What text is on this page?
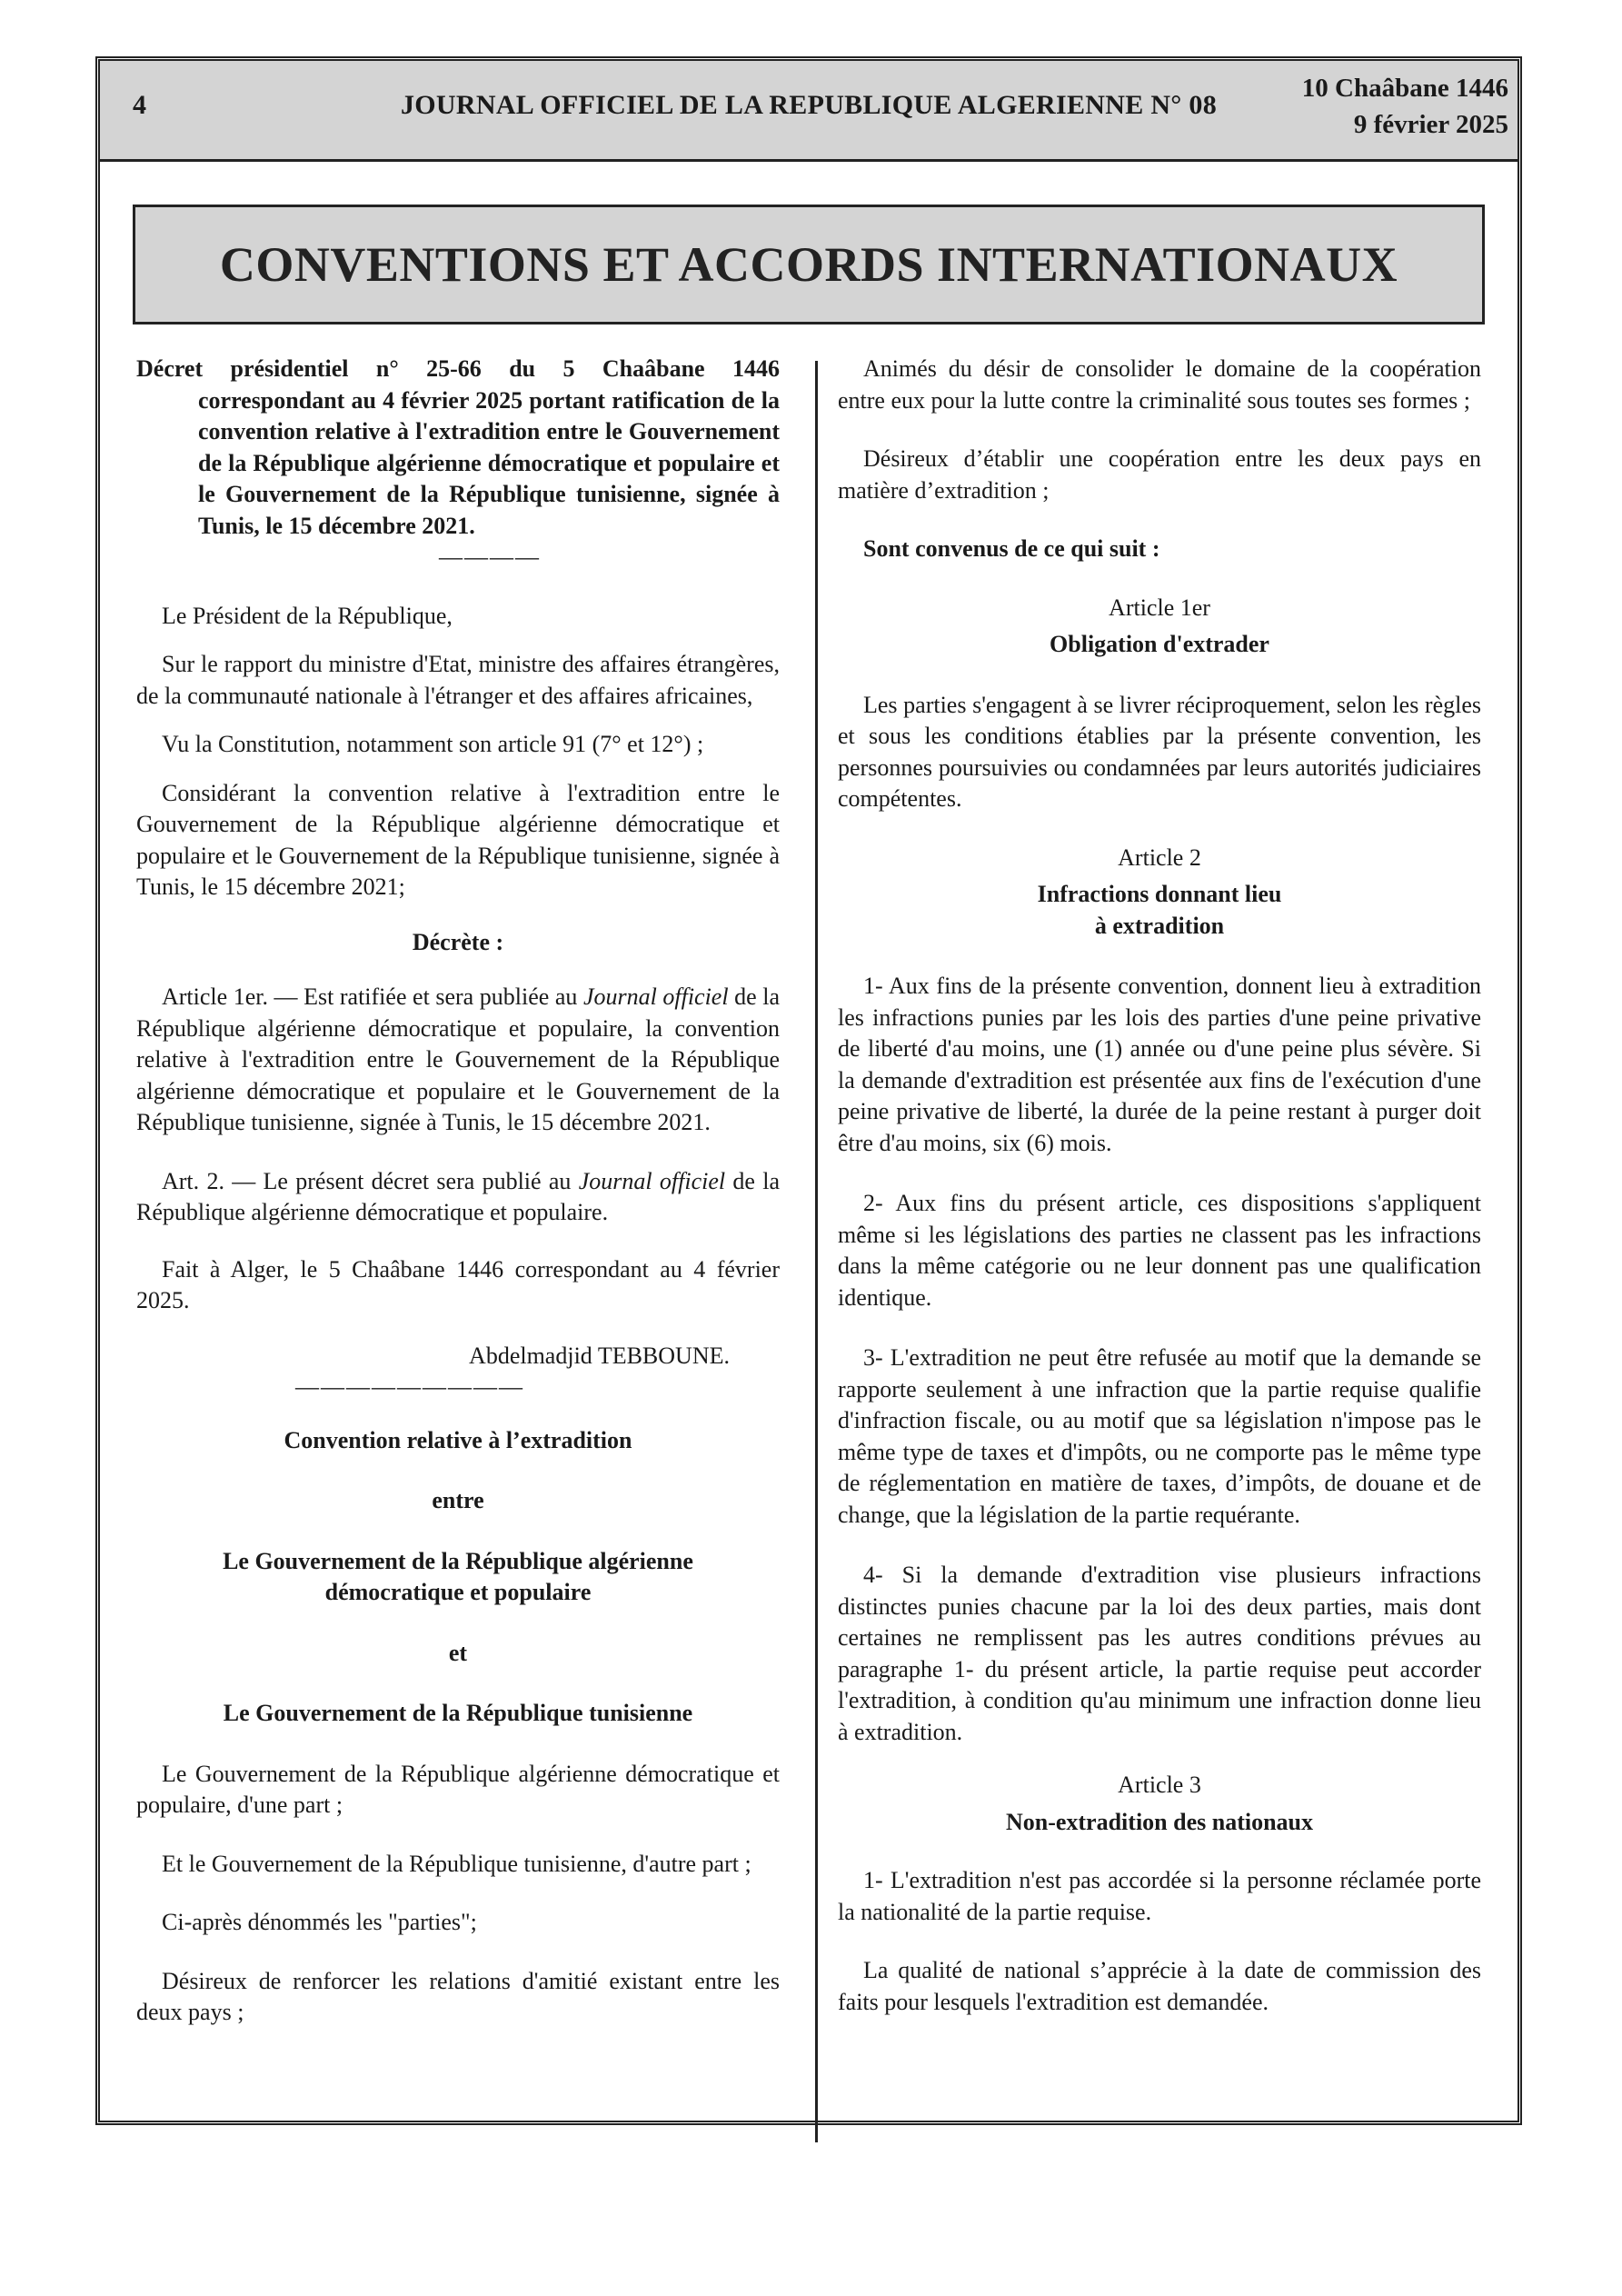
4	JOURNAL OFFICIEL DE LA REPUBLIQUE ALGERIENNE N° 08
10 Chaâbane 1446
9 février 2025
CONVENTIONS ET ACCORDS INTERNATIONAUX

Décret présidentiel n° 25-66 du 5 Chaâbane 1446 correspondant au 4 février 2025 portant ratification de la convention relative à l'extradition entre le Gouvernement de la République algérienne démocratique et populaire et le Gouvernement de la République tunisienne, signée à Tunis, le 15 décembre 2021.

————

Le Président de la République,

Sur le rapport du ministre d'Etat, ministre des affaires étrangères, de la communauté nationale à l'étranger et des affaires africaines,

Vu la Constitution, notamment son article 91 (7° et 12°) ;

Considérant la convention relative à l'extradition entre le Gouvernement de la République algérienne démocratique et populaire et le Gouvernement de la République tunisienne, signée à Tunis, le 15 décembre 2021;

Décrète :

Article 1er. — Est ratifiée et sera publiée au Journal officiel de la République algérienne démocratique et populaire, la convention relative à l'extradition entre le Gouvernement de la République algérienne démocratique et populaire et le Gouvernement de la République tunisienne, signée à Tunis, le 15 décembre 2021.

Art. 2. — Le présent décret sera publié au Journal officiel de la République algérienne démocratique et populaire.

Fait à Alger, le 5 Chaâbane 1446 correspondant au 4 février 2025.

Abdelmadjid TEBBOUNE.

—————————

Convention relative à l’extradition

entre

Le Gouvernement de la République algérienne démocratique et populaire

et

Le Gouvernement de la République tunisienne

Le Gouvernement de la République algérienne démocratique et populaire, d'une part ;

Et le Gouvernement de la République tunisienne, d'autre part ;

Ci-après dénommés les "parties";

Désireux de renforcer les relations d'amitié existant entre les deux pays ;

Animés du désir de consolider le domaine de la coopération entre eux pour la lutte contre la criminalité sous toutes ses formes ;

Désireux d’établir une coopération entre les deux pays en matière d’extradition ;

Sont convenus de ce qui suit :

Article 1er

Obligation d'extrader

Les parties s'engagent à se livrer réciproquement, selon les règles et sous les conditions établies par la présente convention, les personnes poursuivies ou condamnées par leurs autorités judiciaires compétentes.

Article 2

Infractions donnant lieu

à extradition

1- Aux fins de la présente convention, donnent lieu à extradition les infractions punies par les lois des parties d'une peine privative de liberté d'au moins, une (1) année ou d'une peine plus sévère. Si la demande d'extradition est présentée aux fins de l'exécution d'une peine privative de liberté, la durée de la peine restant à purger doit être d'au moins, six (6) mois.

2- Aux fins du présent article, ces dispositions s'appliquent même si les législations des parties ne classent pas les infractions dans la même catégorie ou ne leur donnent pas une qualification identique.

3- L'extradition ne peut être refusée au motif que la demande se rapporte seulement à une infraction que la partie requise qualifie d'infraction fiscale, ou au motif que sa législation n'impose pas le même type de taxes et d'impôts, ou ne comporte pas le même type de réglementation en matière de taxes, d’impôts, de douane et de change, que la législation de la partie requérante.

4- Si la demande d'extradition vise plusieurs infractions distinctes punies chacune par la loi des deux parties, mais dont certaines ne remplissent pas les autres conditions prévues au paragraphe 1- du présent article, la partie requise peut accorder l'extradition, à condition qu'au minimum une infraction donne lieu à extradition.

Article 3

Non-extradition des nationaux

1- L'extradition n'est pas accordée si la personne réclamée porte la nationalité de la partie requise.

La qualité de national s’apprécie à la date de commission des faits pour lesquels l'extradition est demandée.
